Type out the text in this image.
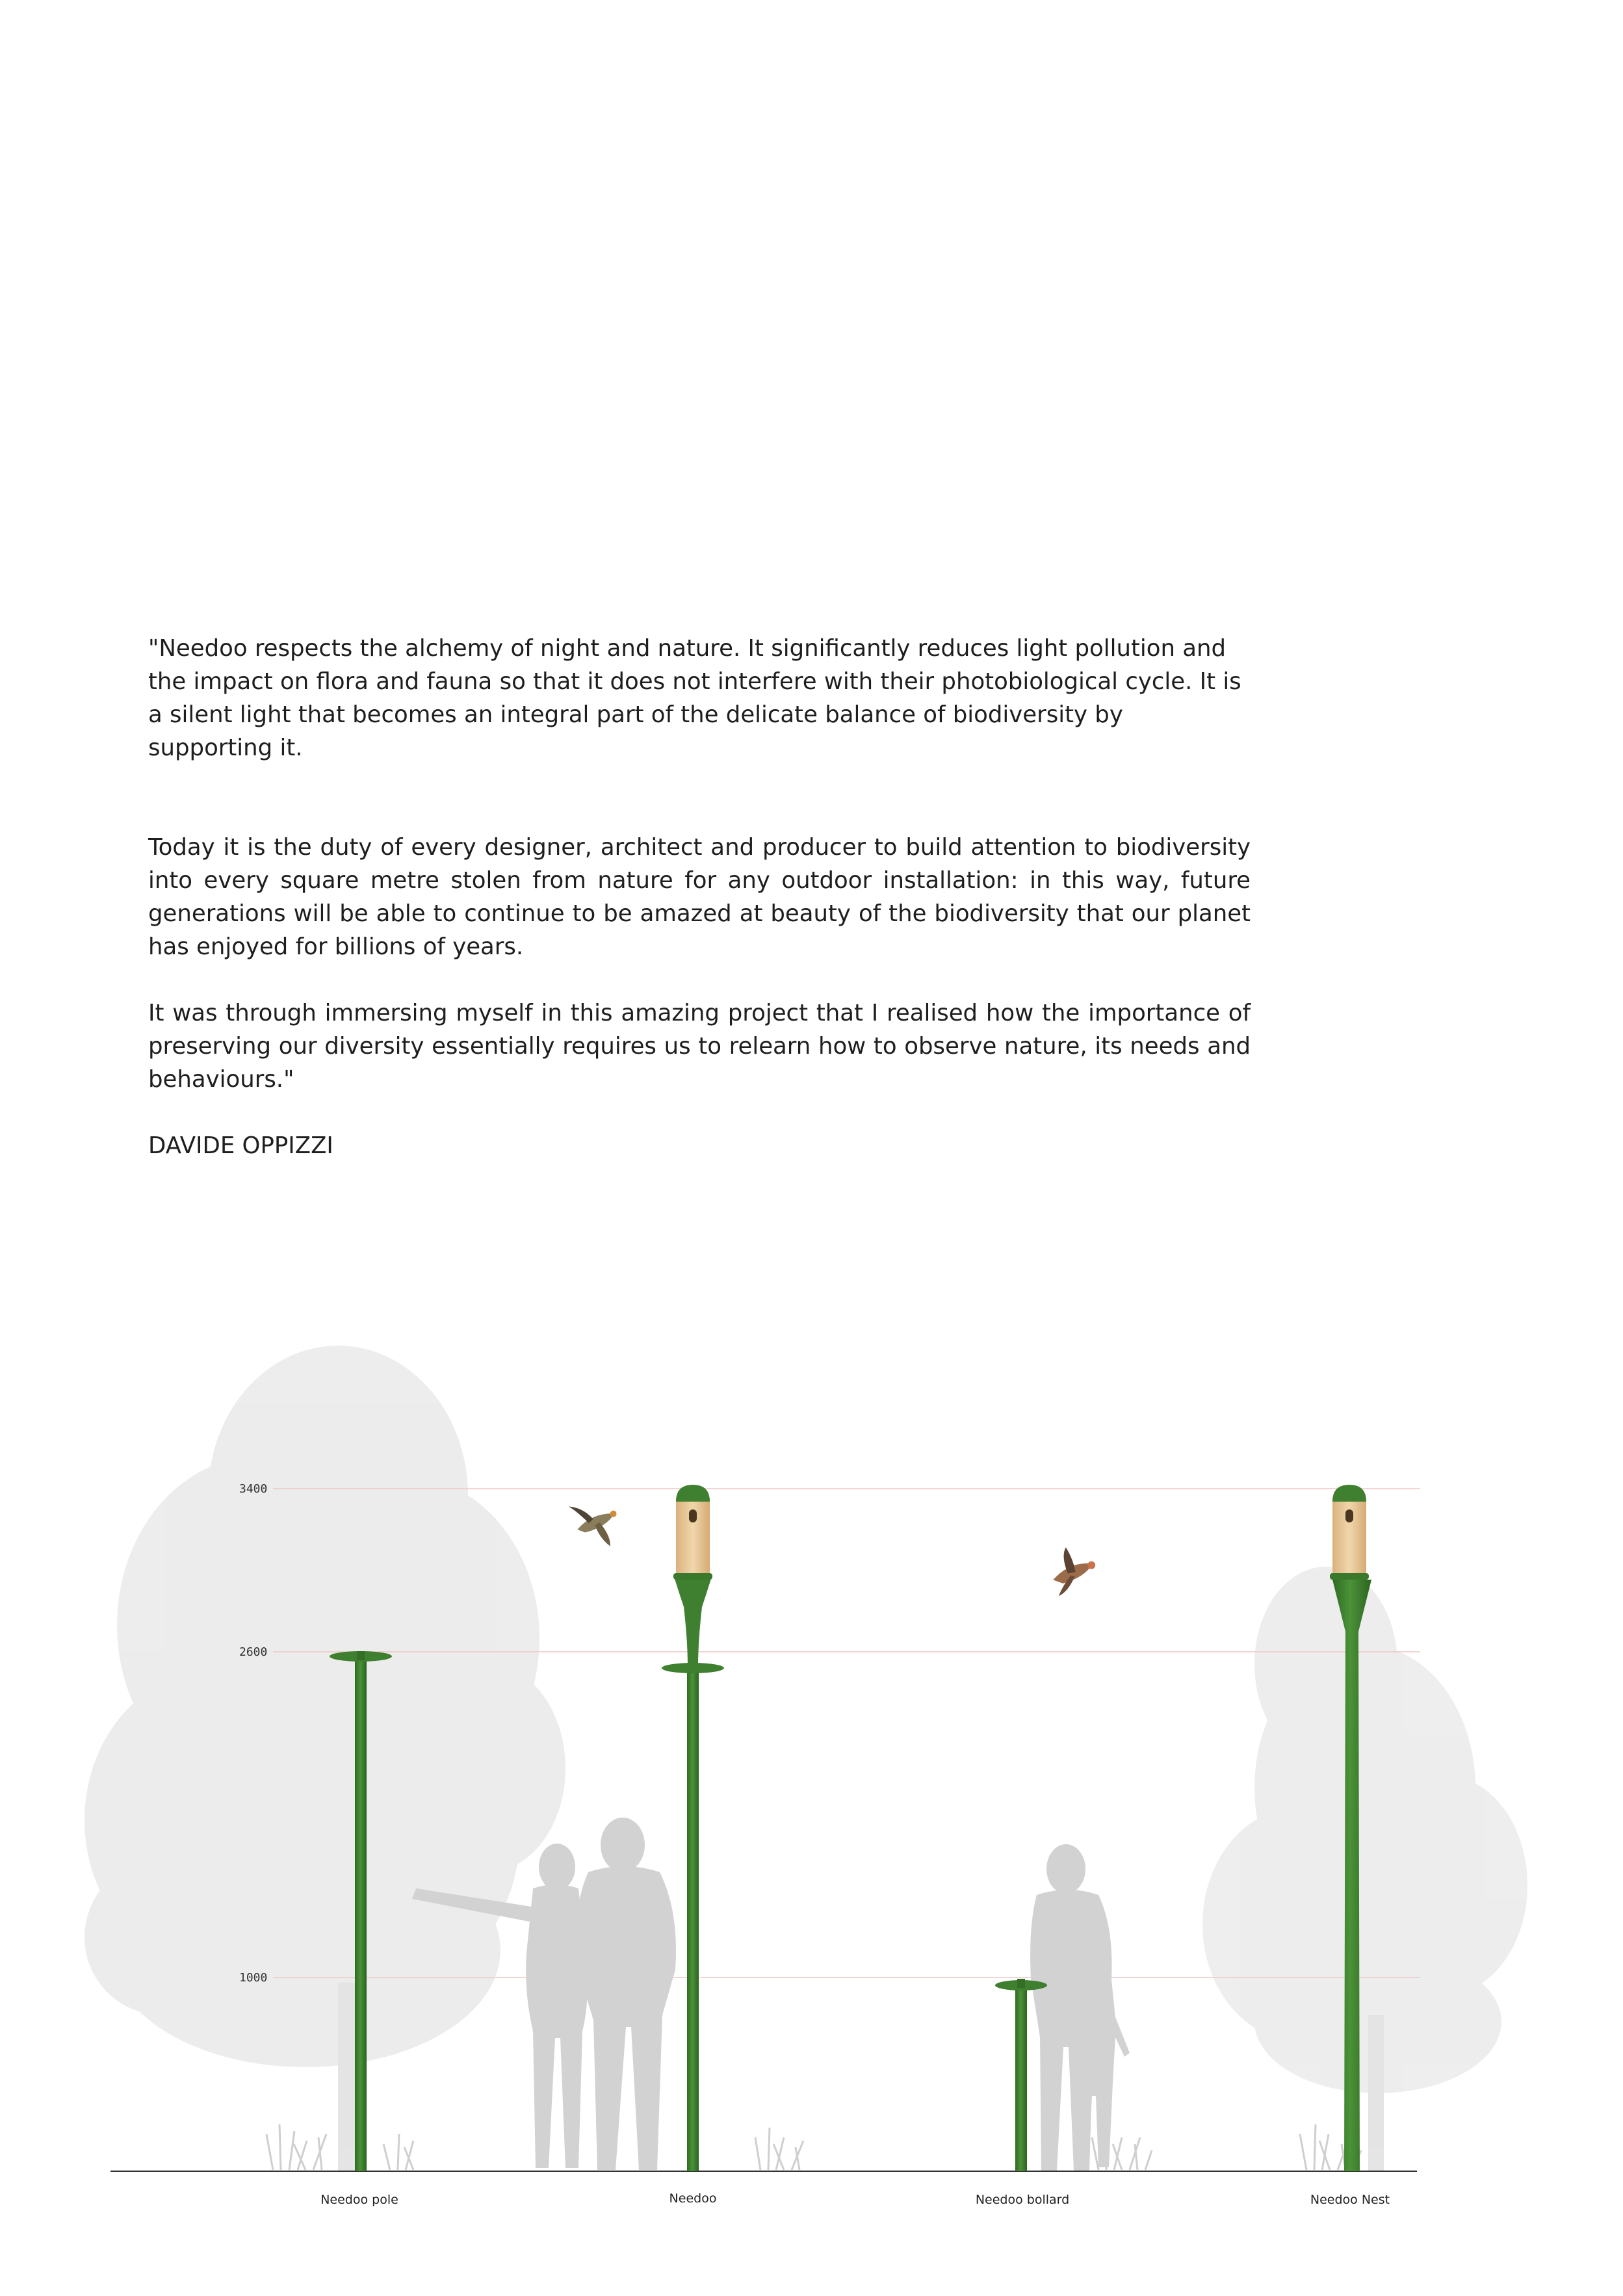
"Needoo respects the alchemy of night and nature. It significantly reduces light pollution and the impact on flora and fauna so that it does not interfere with their photobiological cycle. It is a silent light that becomes an integral part of the delicate balance of biodiversity by supporting it.

Today it is the duty of every designer, architect and producer to build attention to biodiversity into every square metre stolen from nature for any outdoor installation: in this way, future generations will be able to continue to be amazed at beauty of the biodiversity that our planet has enjoyed for billions of years.

It was through immersing myself in this amazing project that I realised how the importance of preserving our diversity essentially requires us to relearn how to observe nature, its needs and behaviours."

DAVIDE OPPIZZI

3400
2600
1000
Needoo pole	Needoo	Needoo bollard	Needoo Nest
